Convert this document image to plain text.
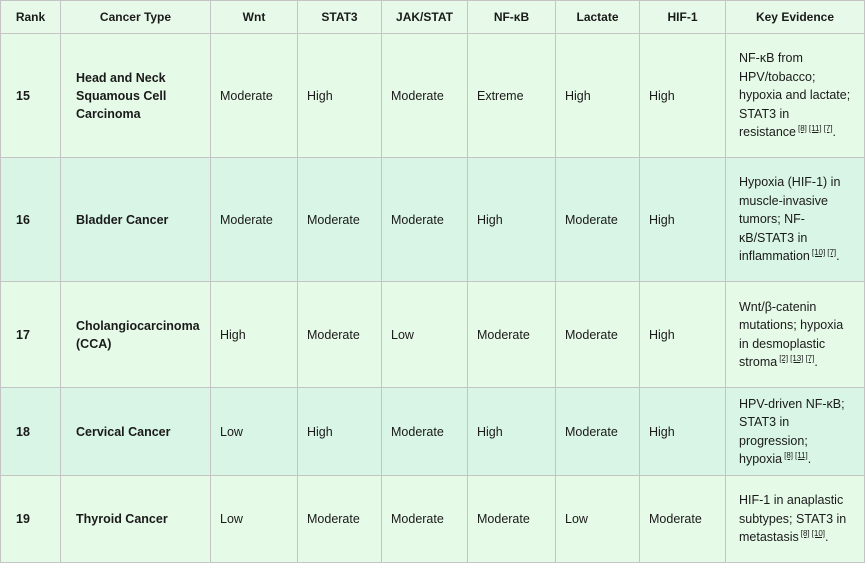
Rank	Cancer Type	Wnt	STAT3	JAK/STAT	NF-κB	Lactate	HIF-1	Key Evidence
15	Head and Neck Squamous Cell Carcinoma	Moderate	High	Moderate	Extreme	High	High	NF-κB from HPV/tobacco; hypoxia and lactate; STAT3 in resistance [8] [11] [7].
16	Bladder Cancer	Moderate	Moderate	Moderate	High	Moderate	High	Hypoxia (HIF-1) in muscle-invasive tumors; NF-κB/STAT3 in inflammation [10] [7].
17	Cholangiocarcinoma (CCA)	High	Moderate	Low	Moderate	Moderate	High	Wnt/β-catenin mutations; hypoxia in desmoplastic stroma [2] [13] [7].
18	Cervical Cancer	Low	High	Moderate	High	Moderate	High	HPV-driven NF-κB; STAT3 in progression; hypoxia [8] [11].
19	Thyroid Cancer	Low	Moderate	Moderate	Moderate	Low	Moderate	HIF-1 in anaplastic subtypes; STAT3 in metastasis [8] [10].
